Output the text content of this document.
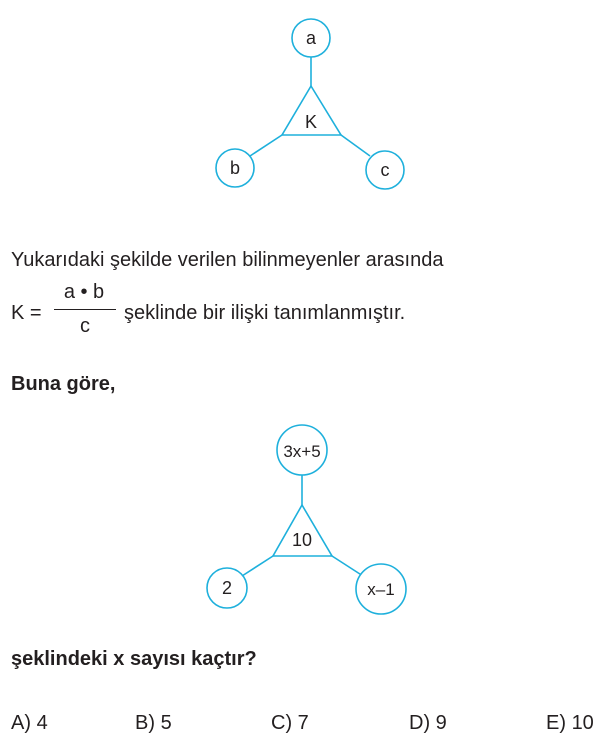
a
K
b	c
3x+5
10
2	x–1
Yukarıdaki şekilde verilen bilinmeyenler arasında
K =
a • b
c
şeklinde bir ilişki tanımlanmıştır.
Buna göre,
şeklindeki x sayısı kaçtır?
A) 4	B) 5	C) 7	D) 9	E) 10
